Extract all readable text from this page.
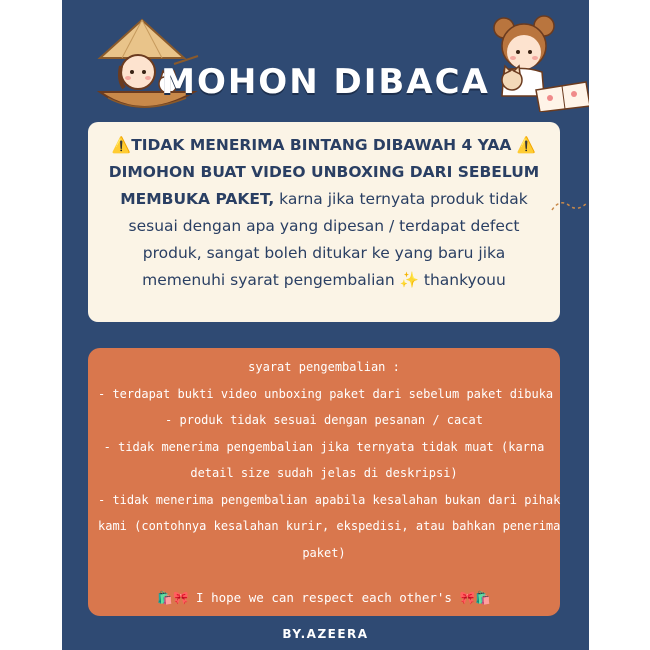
MOHON DIBACA
⚠️TIDAK MENERIMA BINTANG DIBAWAH 4 YAA ⚠️
DIMOHON BUAT VIDEO UNBOXING DARI SEBELUM
MEMBUKA PAKET, karna jika ternyata produk tidak
sesuai dengan apa yang dipesan / terdapat defect
produk, sangat boleh ditukar ke yang baru jika
memenuhi syarat pengembalian ✨ thankyouu
syarat pengembalian :
- terdapat bukti video unboxing paket dari sebelum paket dibuka
- produk tidak sesuai dengan pesanan / cacat
- tidak menerima pengembalian jika ternyata tidak muat (karna
detail size sudah jelas di deskripsi)
- tidak menerima pengembalian apabila kesalahan bukan dari pihak
kami (contohnya kesalahan kurir, ekspedisi, atau bahkan penerima
paket)
🛍️🎀 I hope we can respect each other's 🎀🛍️
BY.AZEERA
